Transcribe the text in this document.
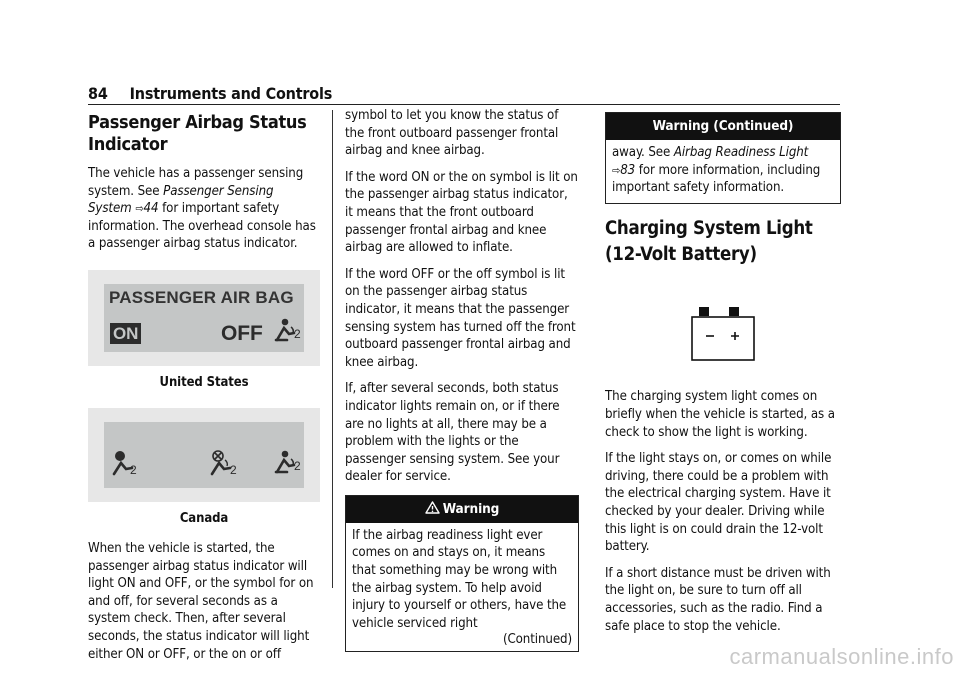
84 Instruments and Controls
Passenger Airbag Status Indicator

The vehicle has a passenger sensing system. See Passenger Sensing System ⇨44 for important safety information. The overhead console has a passenger airbag status indicator.

PASSENGER AIR BAG
ON	OFF	2
United States
2	2	2
Canada

When the vehicle is started, the passenger airbag status indicator will light ON and OFF, or the symbol for on and off, for several seconds as a system check. Then, after several seconds, the status indicator will light either ON or OFF, or the on or off

symbol to let you know the status of the front outboard passenger frontal airbag and knee airbag.

If the word ON or the on symbol is lit on the passenger airbag status indicator, it means that the front outboard passenger frontal airbag and knee airbag are allowed to inflate.

If the word OFF or the off symbol is lit on the passenger airbag status indicator, it means that the passenger sensing system has turned off the front outboard passenger frontal airbag and knee airbag.

If, after several seconds, both status indicator lights remain on, or if there are no lights at all, there may be a problem with the lights or the passenger sensing system. See your dealer for service.

Warning
If the airbag readiness light ever comes on and stays on, it means that something may be wrong with the airbag system. To help avoid injury to yourself or others, have the vehicle serviced right
(Continued)
Warning (Continued)
away. See Airbag Readiness Light ⇨83 for more information, including important safety information.
Charging System Light (12-Volt Battery)

The charging system light comes on briefly when the vehicle is started, as a check to show the light is working.

If the light stays on, or comes on while driving, there could be a problem with the electrical charging system. Have it checked by your dealer. Driving while this light is on could drain the 12-volt battery.

If a short distance must be driven with the light on, be sure to turn off all accessories, such as the radio. Find a safe place to stop the vehicle.

carmanualsonline.info
